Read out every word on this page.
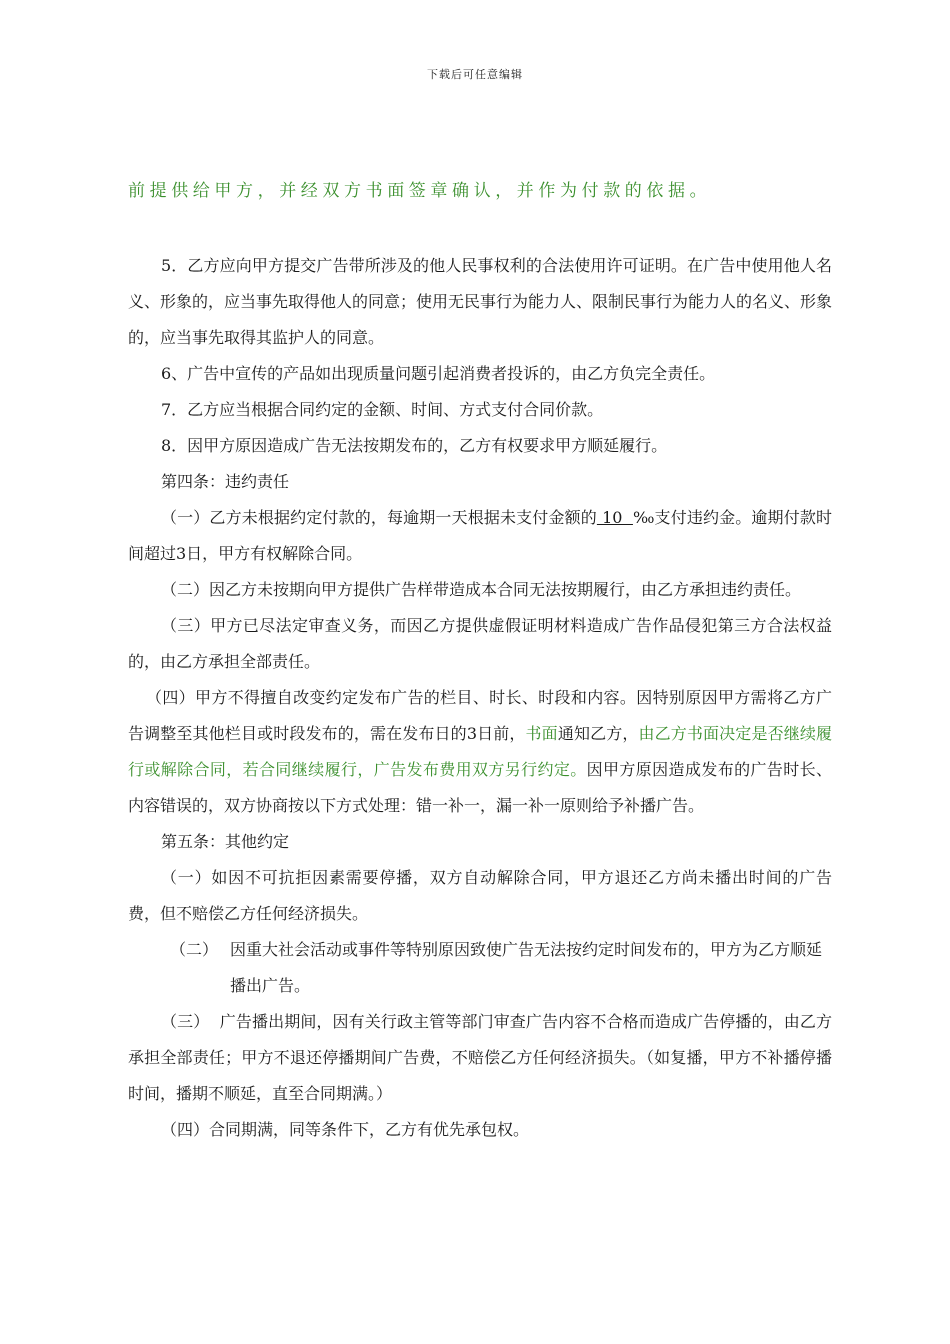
下载后可任意编辑
前提供给甲方，并经双方书面签章确认，并作为付款的依据。

5．乙方应向甲方提交广告带所涉及的他人民事权利的合法使用许可证明。在广告中使用他人名义、形象的，应当事先取得他人的同意；使用无民事行为能力人、限制民事行为能力人的名义、形象的，应当事先取得其监护人的同意。

6、广告中宣传的产品如出现质量问题引起消费者投诉的，由乙方负完全责任。

7．乙方应当根据合同约定的金额、时间、方式支付合同价款。

8．因甲方原因造成广告无法按期发布的，乙方有权要求甲方顺延履行。

第四条：违约责任

（一）乙方未根据约定付款的，每逾期一天根据未支付金额的 10  ‰支付违约金。逾期付款时间超过3日，甲方有权解除合同。

（二）因乙方未按期向甲方提供广告样带造成本合同无法按期履行，由乙方承担违约责任。

（三）甲方已尽法定审查义务，而因乙方提供虚假证明材料造成广告作品侵犯第三方合法权益的，由乙方承担全部责任。

（四）甲方不得擅自改变约定发布广告的栏目、时长、时段和内容。因特别原因甲方需将乙方广告调整至其他栏目或时段发布的，需在发布日的3日前，书面通知乙方，由乙方书面决定是否继续履行或解除合同，若合同继续履行，广告发布费用双方另行约定。因甲方原因造成发布的广告时长、内容错误的，双方协商按以下方式处理：错一补一，漏一补一原则给予补播广告。

第五条：其他约定

（一）如因不可抗拒因素需要停播，双方自动解除合同，甲方退还乙方尚未播出时间的广告费，但不赔偿乙方任何经济损失。

（二） 因重大社会活动或事件等特别原因致使广告无法按约定时间发布的，甲方为乙方顺延播出广告。

（三）  广告播出期间，因有关行政主管等部门审查广告内容不合格而造成广告停播的，由乙方承担全部责任；甲方不退还停播期间广告费，不赔偿乙方任何经济损失。（如复播，甲方不补播停播时间，播期不顺延，直至合同期满。）

（四）合同期满，同等条件下，乙方有优先承包权。
